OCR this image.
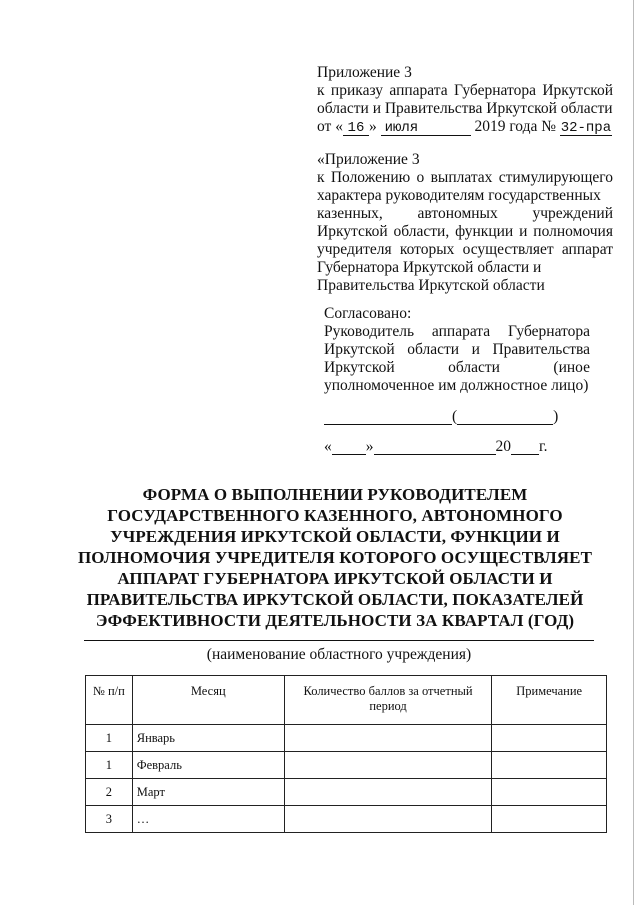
Приложение 3
к приказу аппарата Губернатора Иркутской
области и Правительства Иркутской области
от « 16 » июля	2019 года № 32-пра
«Приложение 3
к Положению о выплатах стимулирующего
характера руководителям государственных
казенных, автономных учреждений
Иркутской области, функции и полномочия
учредителя которых осуществляет аппарат
Губернатора Иркутской области и
Правительства Иркутской области
Согласовано:
Руководитель аппарата Губернатора
Иркутской области и Правительства
Иркутской области (иное
уполномоченное им должностное лицо)
(	)
« »	20 г.
ФОРМА О ВЫПОЛНЕНИИ РУКОВОДИТЕЛЕМ
ГОСУДАРСТВЕННОГО КАЗЕННОГО, АВТОНОМНОГО
УЧРЕЖДЕНИЯ ИРКУТСКОЙ ОБЛАСТИ, ФУНКЦИИ И
ПОЛНОМОЧИЯ УЧРЕДИТЕЛЯ КОТОРОГО ОСУЩЕСТВЛЯЕТ
АППАРАТ ГУБЕРНАТОРА ИРКУТСКОЙ ОБЛАСТИ И
ПРАВИТЕЛЬСТВА ИРКУТСКОЙ ОБЛАСТИ, ПОКАЗАТЕЛЕЙ
ЭФФЕКТИВНОСТИ ДЕЯТЕЛЬНОСТИ ЗА КВАРТАЛ (ГОД)
(наименование областного учреждения)
№ п/п	Месяц	Количество баллов за отчетный период	Примечание
1	Январь		
1	Февраль		
2	Март		
3	…		
